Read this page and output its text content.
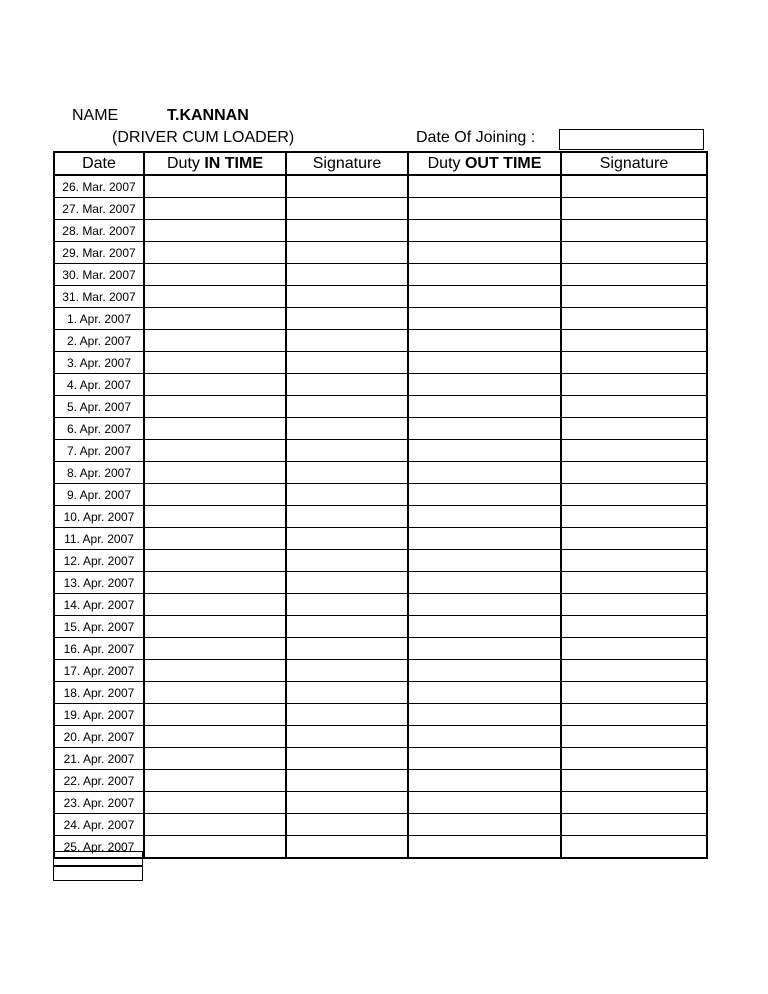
NAME	T.KANNAN
(DRIVER CUM LOADER)	Date Of Joining :
Date	Duty IN TIME	Signature	Duty OUT TIME	Signature
26. Mar. 2007				
27. Mar. 2007				
28. Mar. 2007				
29. Mar. 2007				
30. Mar. 2007				
31. Mar. 2007				
1. Apr. 2007				
2. Apr. 2007				
3. Apr. 2007				
4. Apr. 2007				
5. Apr. 2007				
6. Apr. 2007				
7. Apr. 2007				
8. Apr. 2007				
9. Apr. 2007				
10. Apr. 2007				
11. Apr. 2007				
12. Apr. 2007				
13. Apr. 2007				
14. Apr. 2007				
15. Apr. 2007				
16. Apr. 2007				
17. Apr. 2007				
18. Apr. 2007				
19. Apr. 2007				
20. Apr. 2007				
21. Apr. 2007				
22. Apr. 2007				
23. Apr. 2007				
24. Apr. 2007				
25. Apr. 2007				
